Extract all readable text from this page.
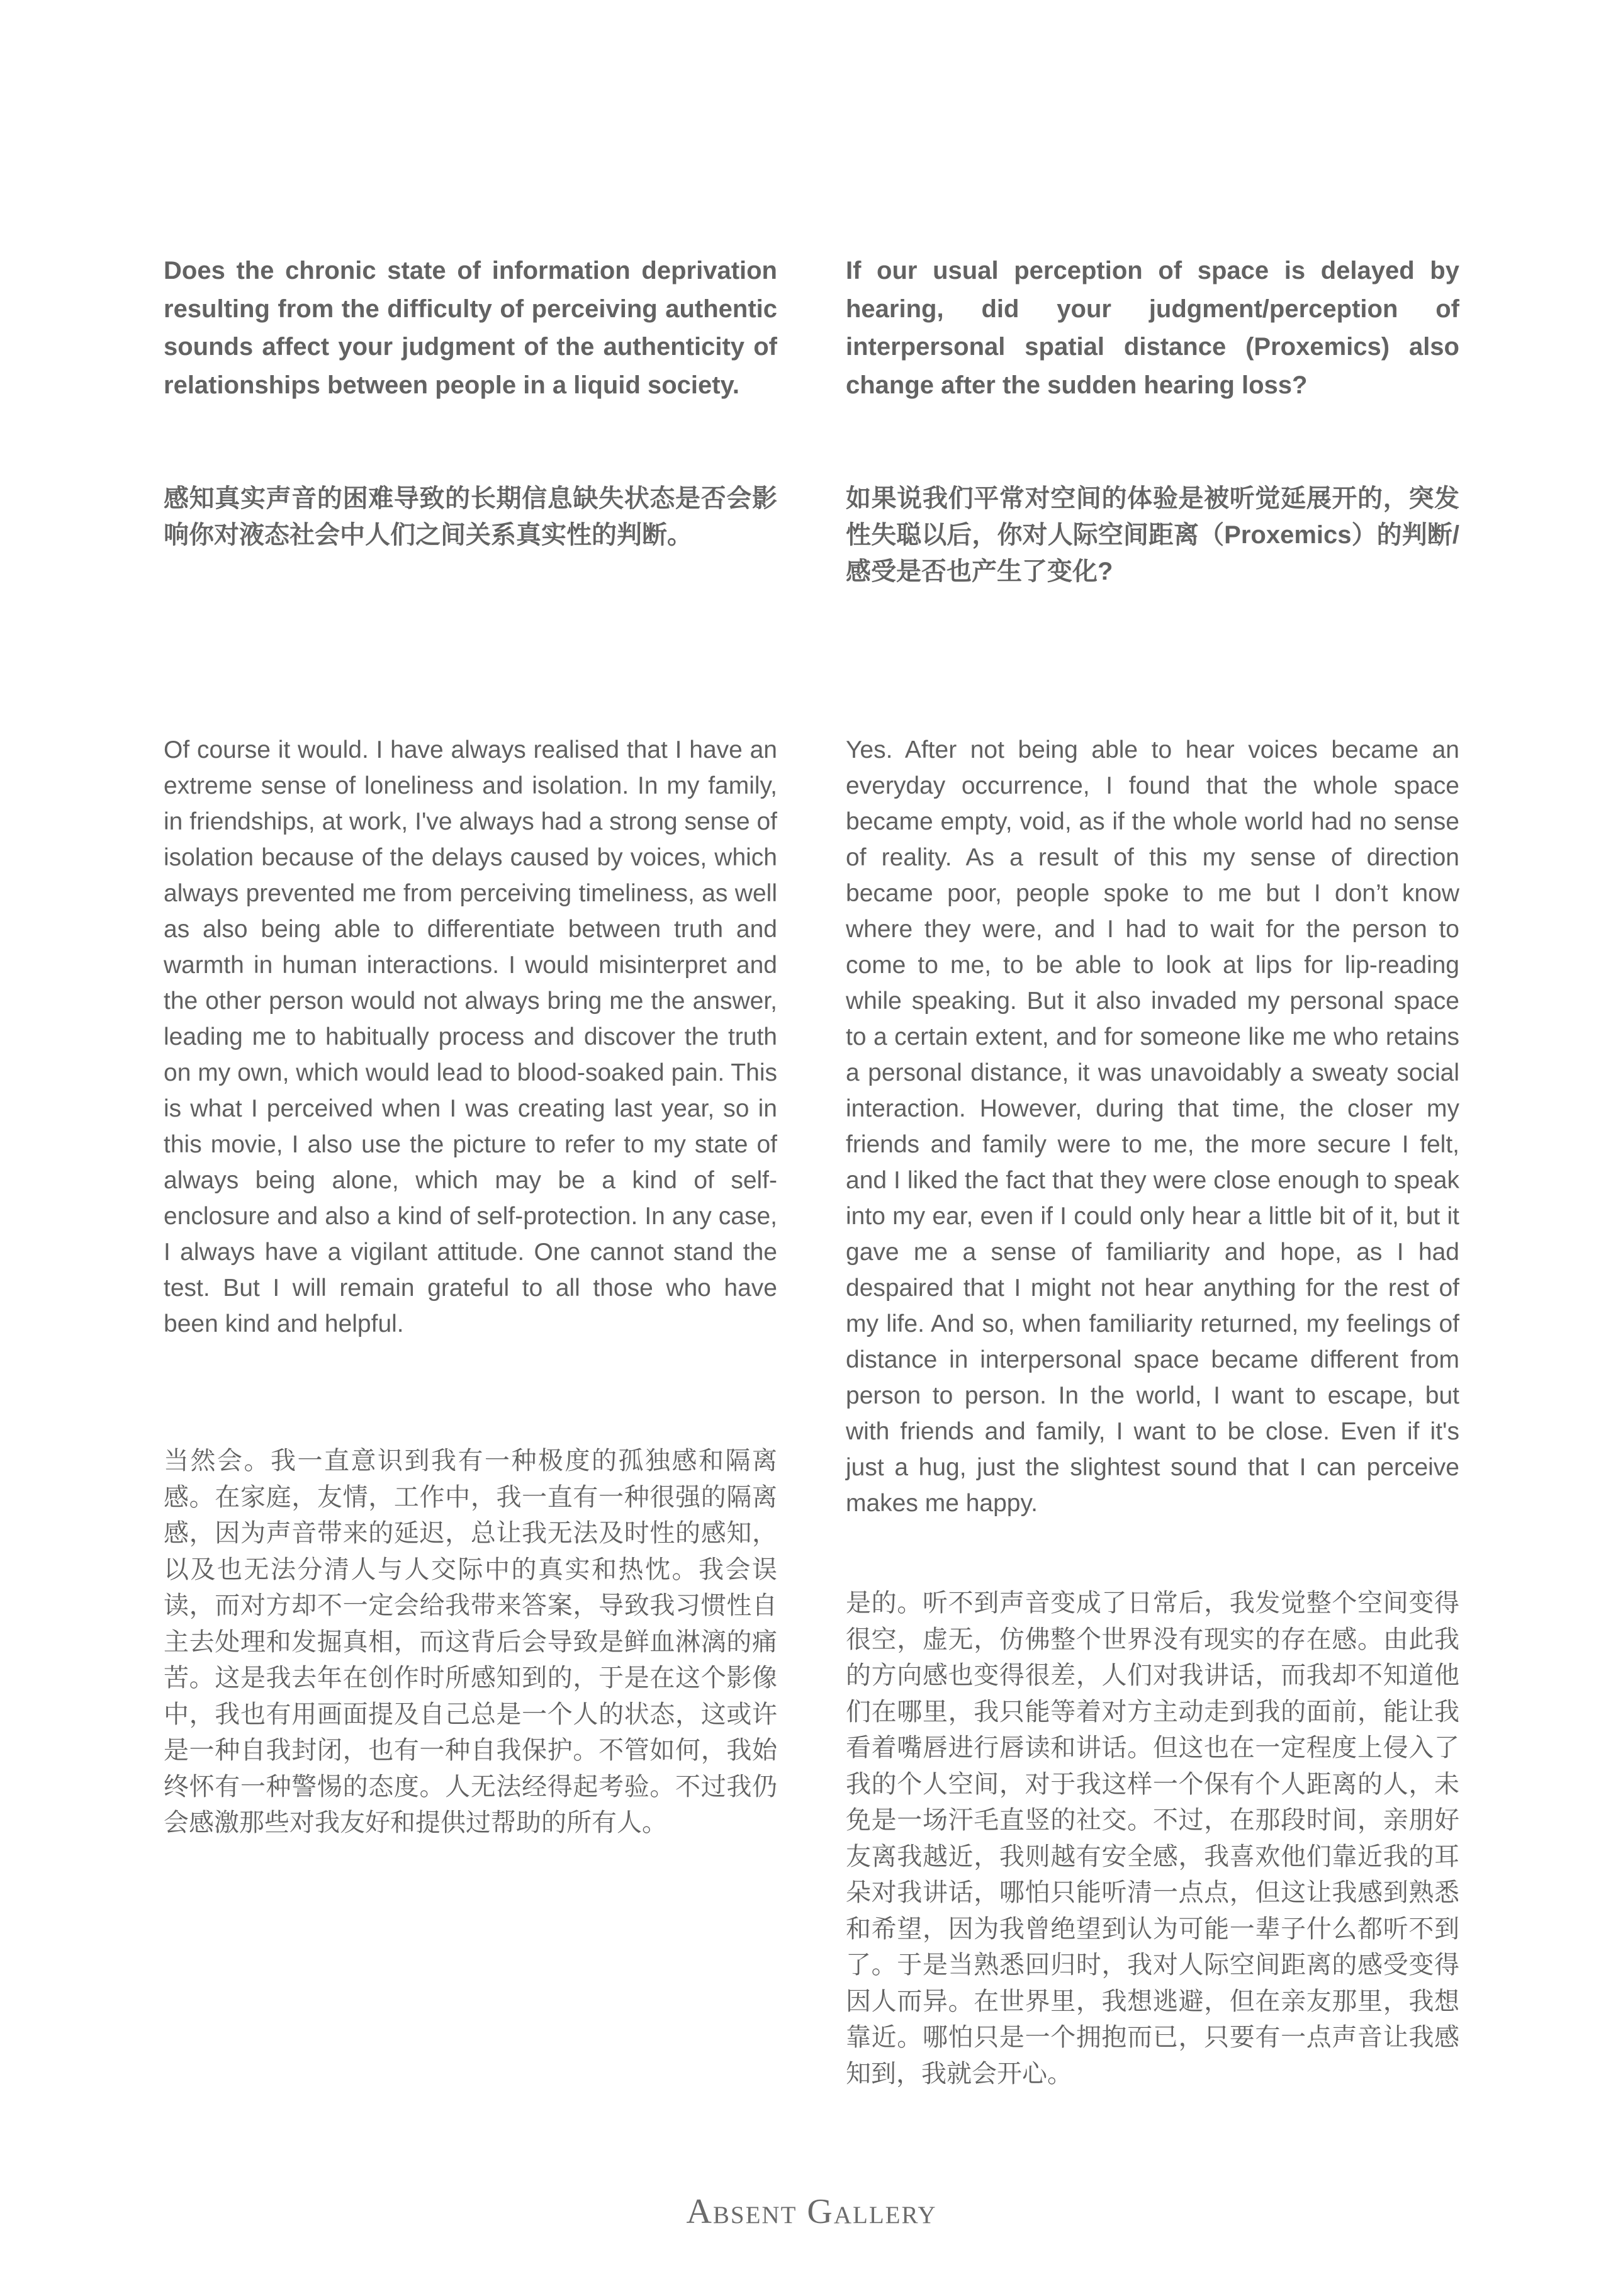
Does the chronic state of information deprivation resulting from the difficulty of perceiving authentic sounds affect your judgment of the authenticity of relationships between people in a liquid society.

感知真实声音的困难导致的长期信息缺失状态是否会影响你对液态社会中人们之间关系真实性的判断。

Of course it would. I have always realised that I have an extreme sense of loneliness and isolation. In my family, in friendships, at work, I've always had a strong sense of isolation because of the delays caused by voices, which always prevented me from perceiving timeliness, as well as also being able to differentiate between truth and warmth in human interactions. I would misinterpret and the other person would not always bring me the answer, leading me to habitually process and discover the truth on my own, which would lead to blood-soaked pain. This is what I perceived when I was creating last year, so in this movie, I also use the picture to refer to my state of always being alone, which may be a kind of self-enclosure and also a kind of self-protection. In any case, I always have a vigilant attitude. One cannot stand the test. But I will remain grateful to all those who have been kind and helpful.

当然会。我一直意识到我有一种极度的孤独感和隔离感。在家庭，友情，工作中，我一直有一种很强的隔离感，因为声音带来的延迟，总让我无法及时性的感知，以及也无法分清人与人交际中的真实和热忱。我会误读，而对方却不一定会给我带来答案，导致我习惯性自主去处理和发掘真相，而这背后会导致是鲜血淋漓的痛苦。这是我去年在创作时所感知到的，于是在这个影像中，我也有用画面提及自己总是一个人的状态，这或许是一种自我封闭，也有一种自我保护。不管如何，我始终怀有一种警惕的态度。人无法经得起考验。不过我仍会感激那些对我友好和提供过帮助的所有人。

If our usual perception of space is delayed by hearing, did your judgment/perception of interpersonal spatial distance (Proxemics) also change after the sudden hearing loss?

如果说我们平常对空间的体验是被听觉延展开的，突发性失聪以后，你对人际空间距离（Proxemics）的判断/感受是否也产生了变化?

Yes. After not being able to hear voices became an everyday occurrence, I found that the whole space became empty, void, as if the whole world had no sense of reality. As a result of this my sense of direction became poor, people spoke to me but I don’t know where they were, and I had to wait for the person to come to me, to be able to look at lips for lip-reading while speaking. But it also invaded my personal space to a certain extent, and for someone like me who retains a personal distance, it was unavoidably a sweaty social interaction. However, during that time, the closer my friends and family were to me, the more secure I felt, and I liked the fact that they were close enough to speak into my ear, even if I could only hear a little bit of it, but it gave me a sense of familiarity and hope, as I had despaired that I might not hear anything for the rest of my life. And so, when familiarity returned, my feelings of distance in interpersonal space became different from person to person. In the world, I want to escape, but with friends and family, I want to be close. Even if it's just a hug, just the slightest sound that I can perceive makes me happy.

是的。听不到声音变成了日常后，我发觉整个空间变得很空，虚无，仿佛整个世界没有现实的存在感。由此我的方向感也变得很差，人们对我讲话，而我却不知道他们在哪里，我只能等着对方主动走到我的面前，能让我看着嘴唇进行唇读和讲话。但这也在一定程度上侵入了我的个人空间，对于我这样一个保有个人距离的人，未免是一场汗毛直竖的社交。不过，在那段时间，亲朋好友离我越近，我则越有安全感，我喜欢他们靠近我的耳朵对我讲话，哪怕只能听清一点点，但这让我感到熟悉和希望，因为我曾绝望到认为可能一辈子什么都听不到了。于是当熟悉回归时，我对人际空间距离的感受变得因人而异。在世界里，我想逃避，但在亲友那里，我想靠近。哪怕只是一个拥抱而已，只要有一点声音让我感知到，我就会开心。

Absent Gallery
